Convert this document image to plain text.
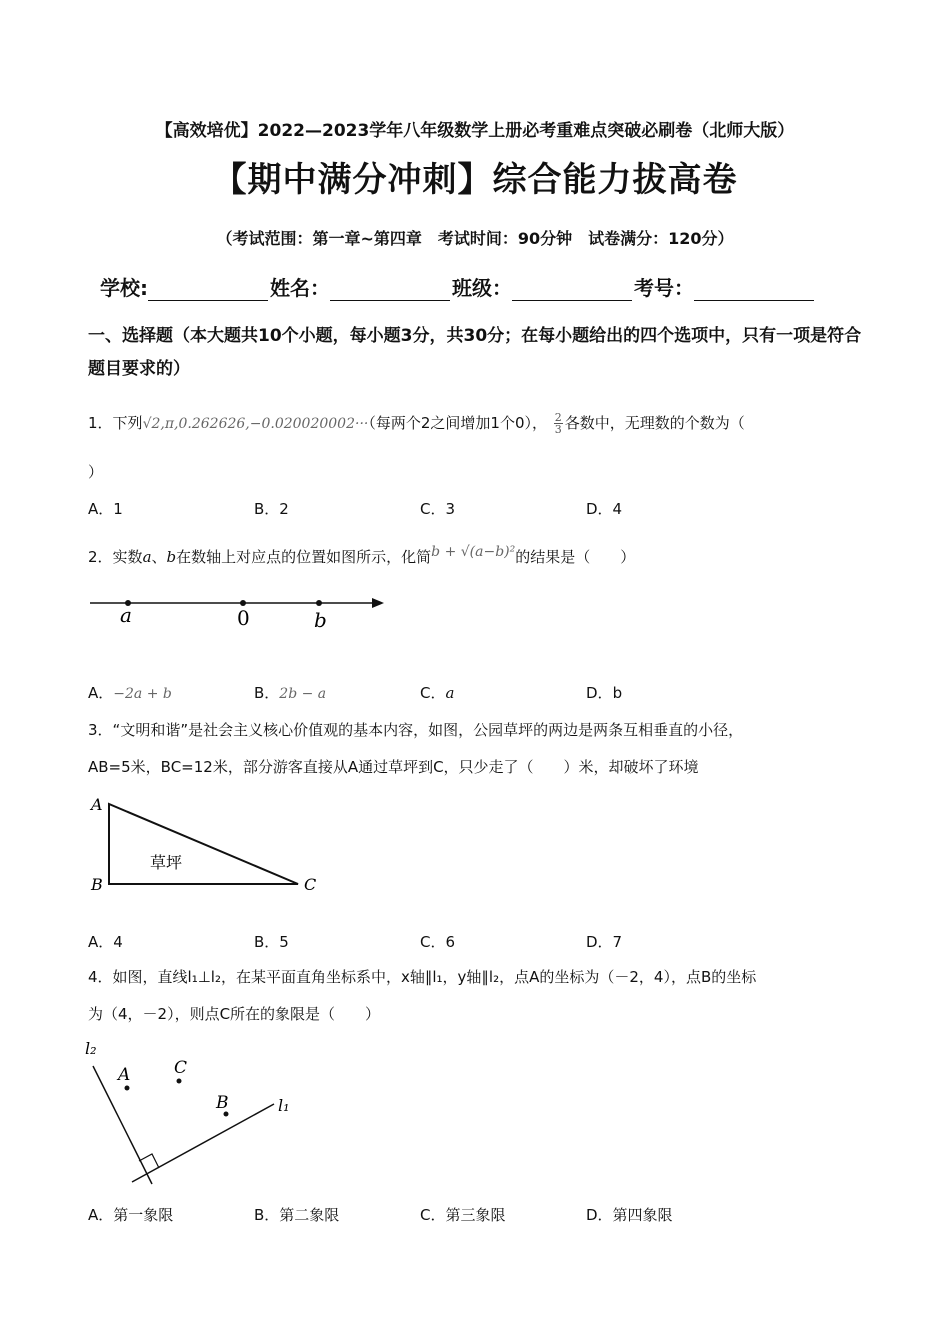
【高效培优】2022—2023学年八年级数学上册必考重难点突破必刷卷（北师大版）
【期中满分冲刺】综合能力拔高卷
（考试范围：第一章~第四章　考试时间：90分钟　试卷满分：120分）
学校:	姓名：	班级：	考号：
一、选择题（本大题共10个小题，每小题3分，共30分；在每小题给出的四个选项中，只有一项是符合题目要求的）
1．下列√2,π,0.262626,−0.020020002···（每两个2之间增加1个0）， $\frac{2}{3}$ 各数中，无理数的个数为（
）
A．1	B．2	C．3	D．4
2．实数a、b在数轴上对应点的位置如图所示，化简b + √(a−b)²的结果是（　　）
a	0	b
A．−2a + b	B．2b − a	C．a	D．b
3．“文明和谐”是社会主义核心价值观的基本内容，如图，公园草坪的两边是两条互相垂直的小径，
AB=5米，BC=12米，部分游客直接从A通过草坪到C，只少走了（　　）米，却破坏了环境
A
B	C
草坪
A．4	B．5	C．6	D．7
4．如图，直线l₁⊥l₂，在某平面直角坐标系中，x轴∥l₁，y轴∥l₂，点A的坐标为（－2，4），点B的坐标
为（4，－2），则点C所在的象限是（　　）
l₂
l₁
A	C
B
A．第一象限	B．第二象限	C．第三象限	D．第四象限
